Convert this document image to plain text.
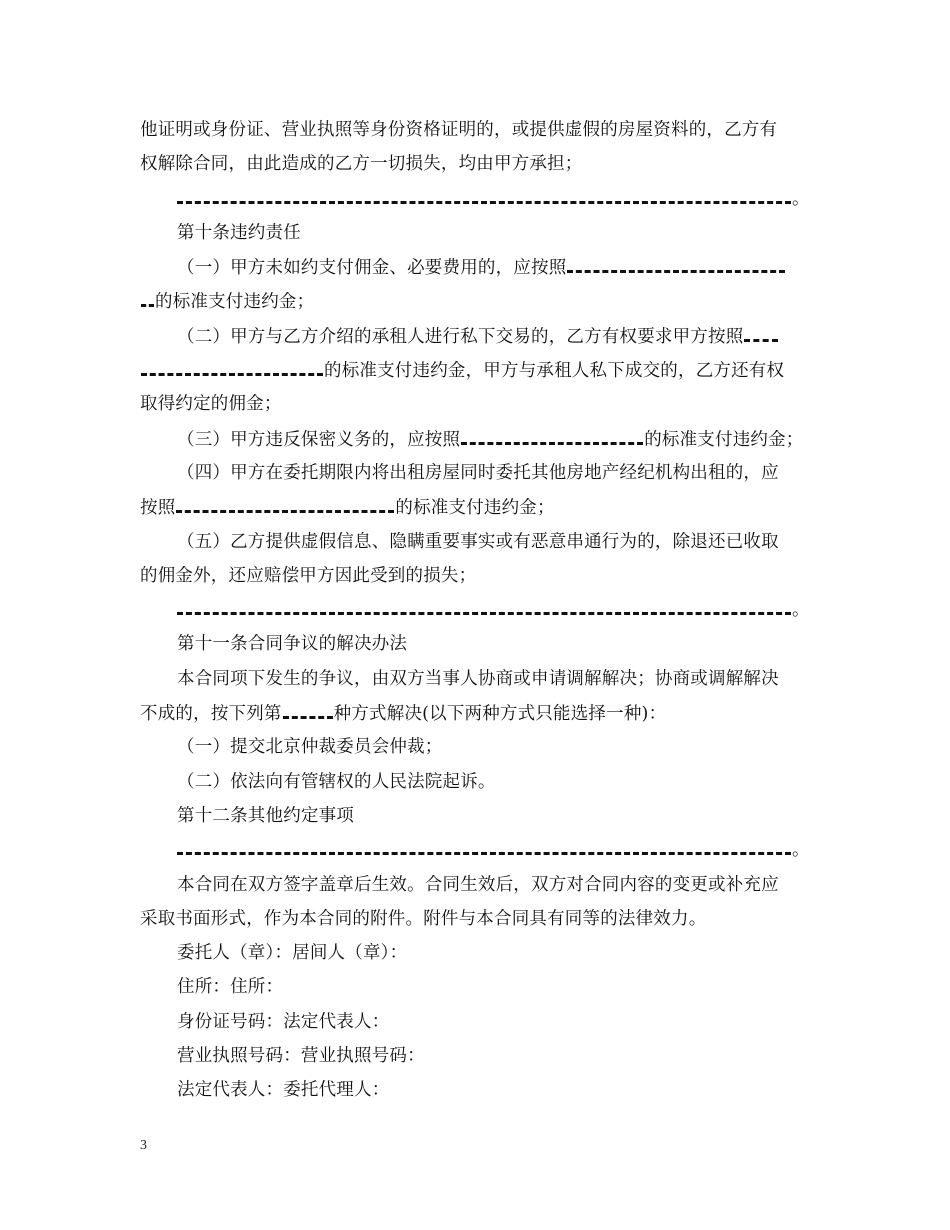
他证明或身份证、营业执照等身份资格证明的，或提供虚假的房屋资料的，乙方有
权解除合同，由此造成的乙方一切损失，均由甲方承担；
。
第十条违约责任
（一）甲方未如约支付佣金、必要费用的，应按照
的标准支付违约金；
（二）甲方与乙方介绍的承租人进行私下交易的，乙方有权要求甲方按照
的标准支付违约金，甲方与承租人私下成交的，乙方还有权
取得约定的佣金；
（三）甲方违反保密义务的，应按照	的标准支付违约金；
（四）甲方在委托期限内将出租房屋同时委托其他房地产经纪机构出租的，应
按照	的标准支付违约金；
（五）乙方提供虚假信息、隐瞒重要事实或有恶意串通行为的，除退还已收取
的佣金外，还应赔偿甲方因此受到的损失；
。
第十一条合同争议的解决办法
本合同项下发生的争议，由双方当事人协商或申请调解解决；协商或调解解决
不成的，按下列第	种方式解决(以下两种方式只能选择一种)：
（一）提交北京仲裁委员会仲裁；
（二）依法向有管辖权的人民法院起诉。
第十二条其他约定事项
。
本合同在双方签字盖章后生效。合同生效后，双方对合同内容的变更或补充应
采取书面形式，作为本合同的附件。附件与本合同具有同等的法律效力。
委托人（章）：居间人（章）：
住所：住所：
身份证号码：法定代表人：
营业执照号码：营业执照号码：
法定代表人：委托代理人：
3
